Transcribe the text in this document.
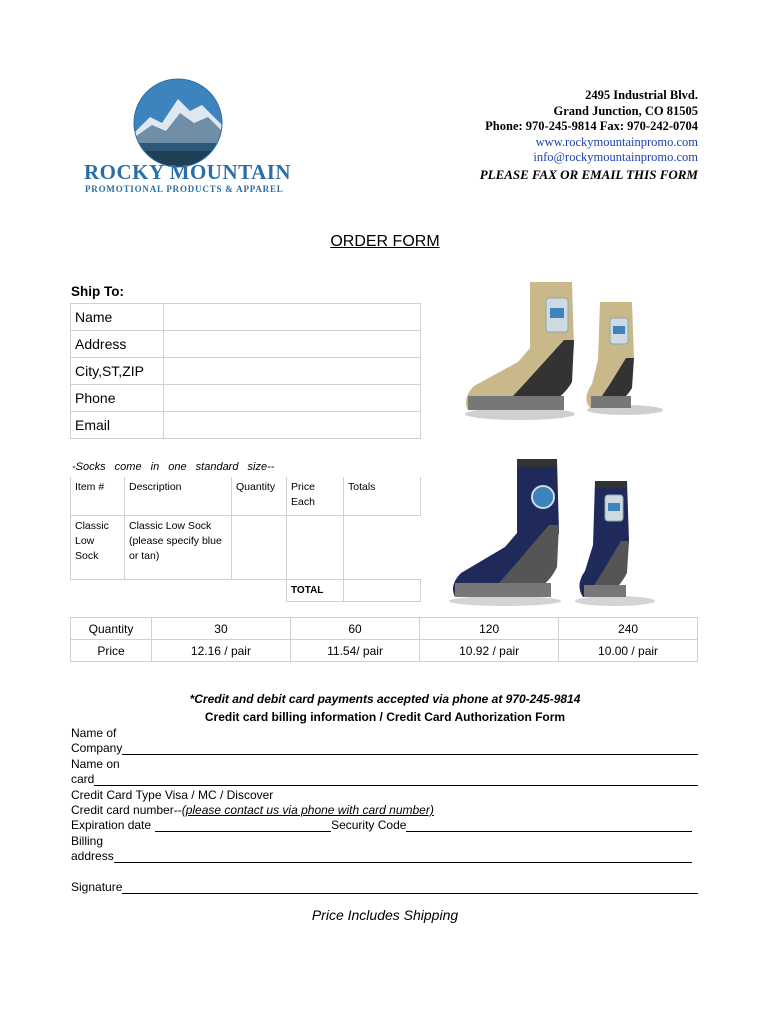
ROCKY MOUNTAIN
PROMOTIONAL PRODUCTS & APPAREL
2495 Industrial Blvd.
Grand Junction, CO 81505
Phone: 970-245-9814 Fax: 970-242-0704
www.rockymountainpromo.com
info@rockymountainpromo.com
PLEASE FAX OR EMAIL THIS FORM
ORDER FORM
Ship To:
Name	
Address	
City,ST,ZIP	
Phone	
Email	
-Socks come in one standard size--
Item #	Description	Quantity	Price Each	Totals
Classic Low Sock	Classic Low Sock (please specify blue or tan)			
			TOTAL	
Quantity	30	60	120	240
Price	12.16 / pair	11.54/ pair	10.92 / pair	10.00 / pair
*Credit and debit card payments accepted via phone at 970-245-9814
Credit card billing information / Credit Card Authorization Form
Name of
Company
Name on
card
Credit Card Type Visa / MC / Discover
Credit card number--(please contact us via phone with card number)
Expiration date	Security Code
Billing
address
Signature
Price Includes Shipping
